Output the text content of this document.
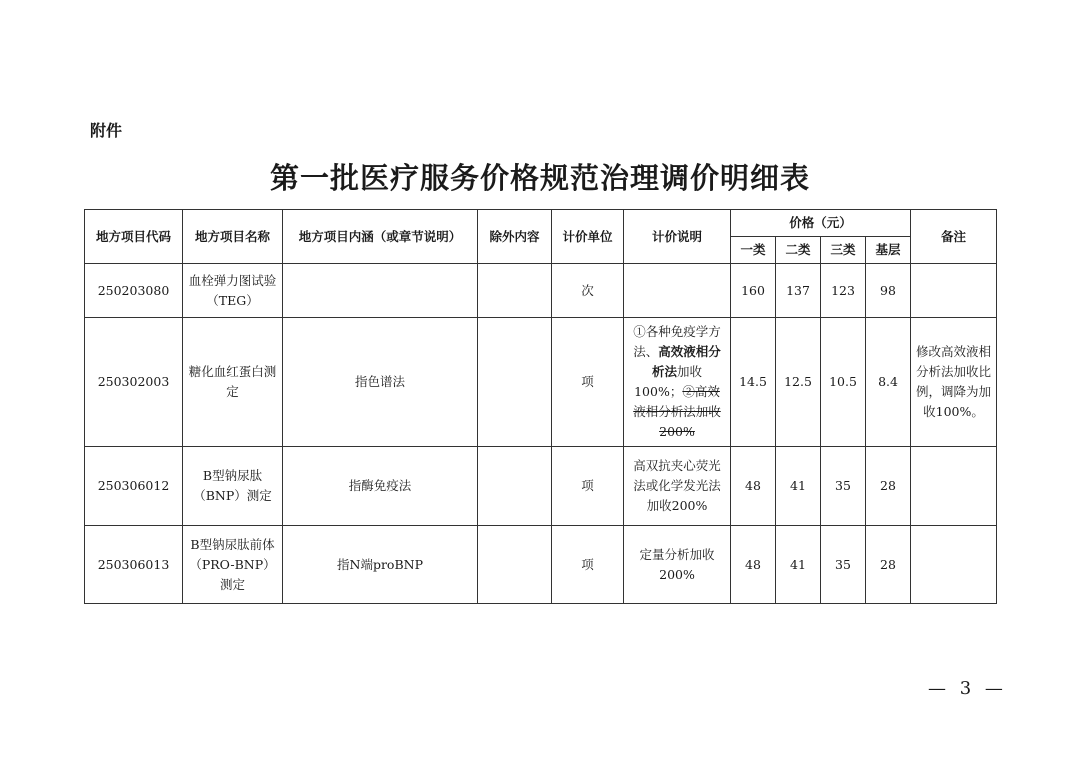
附件
第一批医疗服务价格规范治理调价明细表
地方项目代码	地方项目名称	地方项目内涵（或章节说明）	除外内容	计价单位	计价说明	价格（元）				备注
						一类	二类	三类	基层	
250203080	血栓弹力图试验（TEG）			次		160	137	123	98	
250302003	糖化血红蛋白测定	指色谱法		项	①各种免疫学方法、高效液相分析法加收100%；②高效液相分析法加收200%	14.5	12.5	10.5	8.4	修改高效液相分析法加收比例，调降为加收100%。
250306012	B型钠尿肽（BNP）测定	指酶免疫法		项	高双抗夹心荧光法或化学发光法加收200%	48	41	35	28	
250306013	B型钠尿肽前体（PRO-BNP）测定	指N端proBNP		项	定量分析加收200%	48	41	35	28	
— 3 —
